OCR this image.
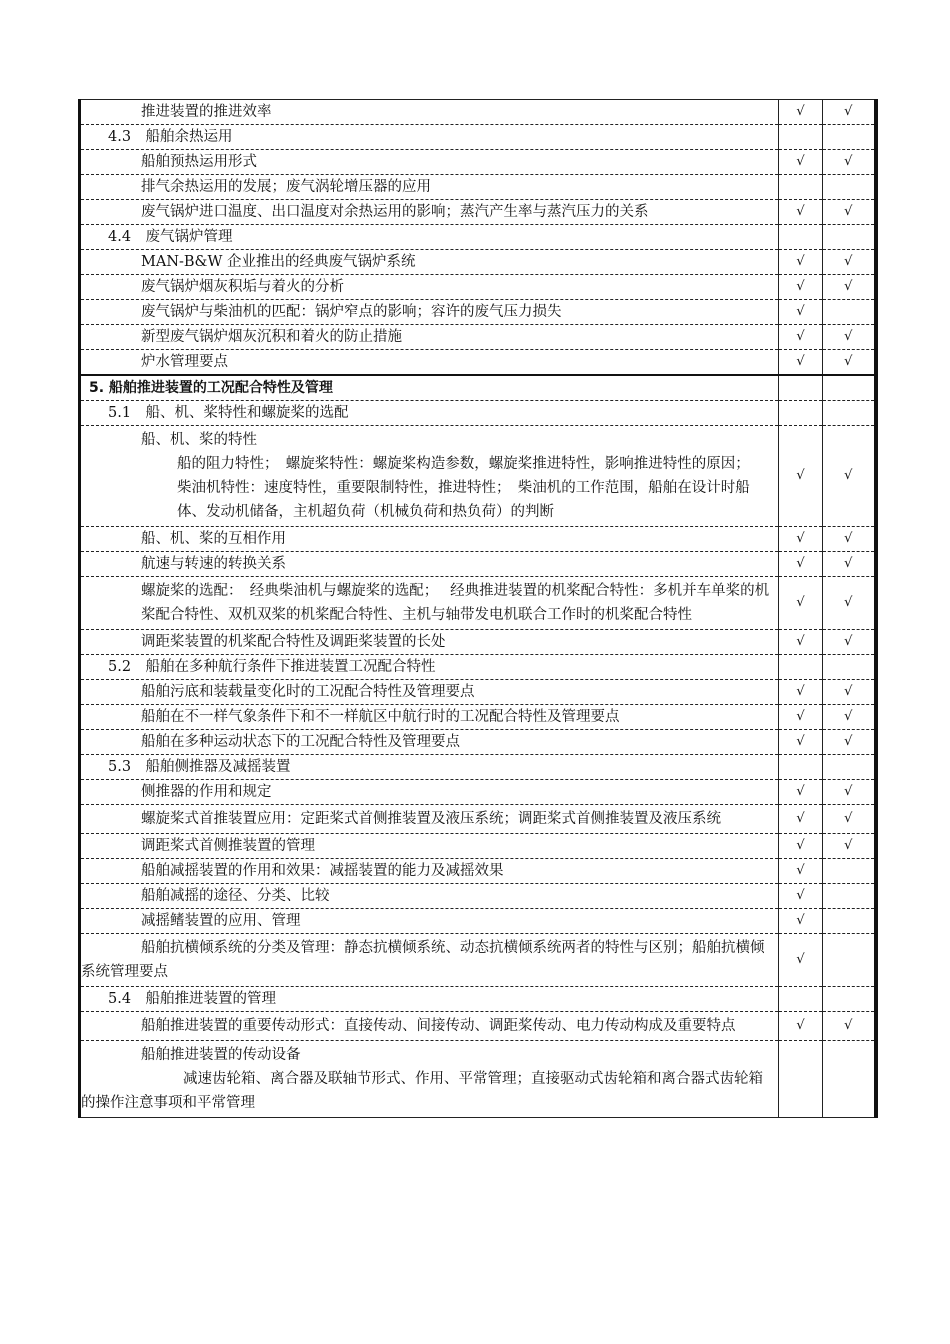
推进装置的推进效率	√	√

4.3　船舶余热运用		

船舶预热运用形式	√	√

排气余热运用的发展；废气涡轮增压器的应用		

废气锅炉进口温度、出口温度对余热运用的影响；蒸汽产生率与蒸汽压力的关系	√	√

4.4　废气锅炉管理		

MAN-B&W 企业推出的经典废气锅炉系统	√	√

废气锅炉烟灰积垢与着火的分析	√	√

废气锅炉与柴油机的匹配：锅炉窄点的影响；容许的废气压力损失	√	

新型废气锅炉烟灰沉积和着火的防止措施	√	√

炉水管理要点	√	√

5. 船舶推进装置的工况配合特性及管理		

5.1　船、机、桨特性和螺旋桨的选配		

船、机、桨的特性
船的阻力特性；　螺旋桨特性：螺旋桨构造参数，螺旋桨推进特性，影响推进特性的原因；　柴油机特性：速度特性，重要限制特性，推进特性；　柴油机的工作范围，船舶在设计时船体、发动机储备，主机超负荷（机械负荷和热负荷）的判断	√	√

船、机、桨的互相作用	√	√

航速与转速的转换关系	√	√

螺旋桨的选配：　经典柴油机与螺旋桨的选配；　 经典推进装置的机桨配合特性：多机并车单桨的机桨配合特性、双机双桨的机桨配合特性、主机与轴带发电机联合工作时的机桨配合特性	√	√

调距桨装置的机桨配合特性及调距桨装置的长处	√	√

5.2　船舶在多种航行条件下推进装置工况配合特性		

船舶污底和装载量变化时的工况配合特性及管理要点	√	√

船舶在不一样气象条件下和不一样航区中航行时的工况配合特性及管理要点	√	√

船舶在多种运动状态下的工况配合特性及管理要点	√	√

5.3　船舶侧推器及减摇装置		

侧推器的作用和规定	√	√

螺旋桨式首推装置应用：定距桨式首侧推装置及液压系统；调距桨式首侧推装置及液压系统	√	√

调距桨式首侧推装置的管理	√	√

船舶减摇装置的作用和效果：减摇装置的能力及减摇效果	√	

船舶减摇的途径、分类、比较	√	

减摇鳍装置的应用、管理	√	

船舶抗横倾系统的分类及管理：静态抗横倾系统、动态抗横倾系统两者的特性与区别；船舶抗横倾系统管理要点	√	

5.4　船舶推进装置的管理		

船舶推进装置的重要传动形式：直接传动、间接传动、调距桨传动、电力传动构成及重要特点	√	√

船舶推进装置的传动设备
减速齿轮箱、离合器及联轴节形式、作用、平常管理；直接驱动式齿轮箱和离合器式齿轮箱的操作注意事项和平常管理		
